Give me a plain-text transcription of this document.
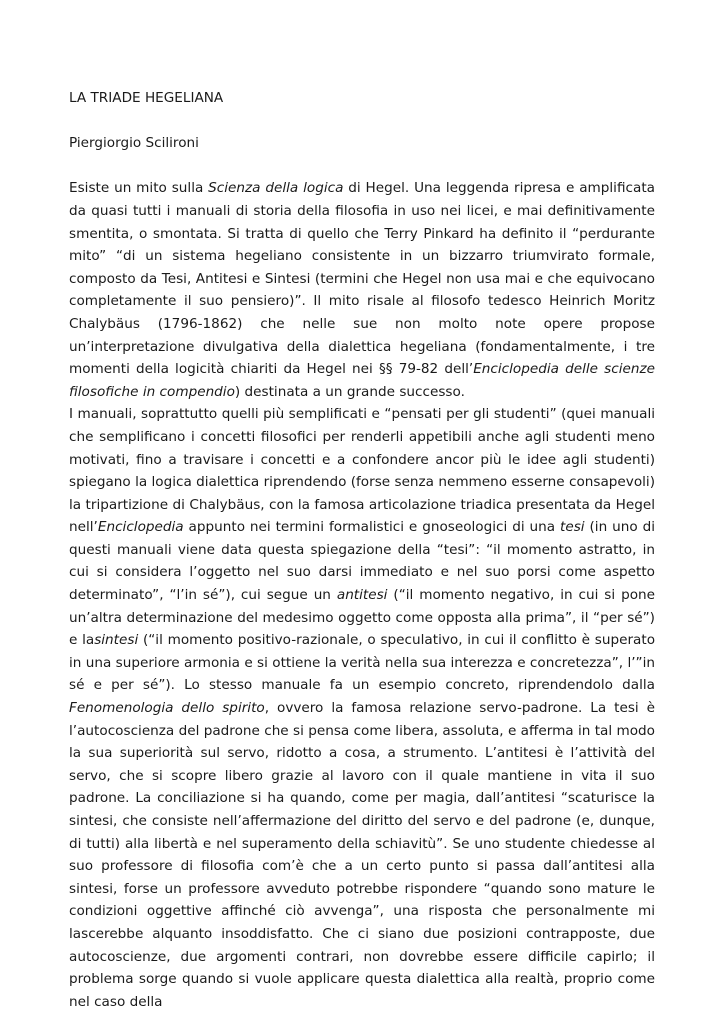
LA TRIADE HEGELIANA

Piergiorgio Scilironi

Esiste un mito sulla Scienza della logica di Hegel. Una leggenda ripresa e amplificata da quasi tutti i manuali di storia della filosofia in uso nei licei, e mai definitivamente smentita, o smontata. Si tratta di quello che Terry Pinkard ha definito il “perdurante mito” “di un sistema hegeliano consistente in un bizzarro triumvirato formale, composto da Tesi, Antitesi e Sintesi (termini che Hegel non usa mai e che equivocano completamente il suo pensiero)”. Il mito risale al filosofo tedesco Heinrich Moritz Chalybäus (1796-1862) che nelle sue non molto note opere propose un’interpretazione divulgativa della dialettica hegeliana (fondamentalmente, i tre momenti della logicità chiariti da Hegel nei §§ 79-82 dell’Enciclopedia delle scienze filosofiche in compendio) destinata a un grande successo.

I manuali, soprattutto quelli più semplificati e “pensati per gli studenti” (quei manuali che semplificano i concetti filosofici per renderli appetibili anche agli studenti meno motivati, fino a travisare i concetti e a confondere ancor più le idee agli studenti) spiegano la logica dialettica riprendendo (forse senza nemmeno esserne consapevoli) la tripartizione di Chalybäus, con la famosa articolazione triadica presentata da Hegel nell’Enciclopedia appunto nei termini formalistici e gnoseologici di una tesi (in uno di questi manuali viene data questa spiegazione della “tesi”: “il momento astratto, in cui si considera l’oggetto nel suo darsi immediato e nel suo porsi come aspetto determinato”, “l’in sé”), cui segue un antitesi (“il momento negativo, in cui si pone un’altra determinazione del medesimo oggetto come opposta alla prima”, il “per sé”) e lasintesi (“il momento positivo-razionale, o speculativo, in cui il conflitto è superato in una superiore armonia e si ottiene la verità nella sua interezza e concretezza”, l’”in sé e per sé”). Lo stesso manuale fa un esempio concreto, riprendendolo dalla Fenomenologia dello spirito, ovvero la famosa relazione servo-padrone. La tesi è l’autocoscienza del padrone che si pensa come libera, assoluta, e afferma in tal modo la sua superiorità sul servo, ridotto a cosa, a strumento. L’antitesi è l’attività del servo, che si scopre libero grazie al lavoro con il quale mantiene in vita il suo padrone. La conciliazione si ha quando, come per magia, dall’antitesi “scaturisce la sintesi, che consiste nell’affermazione del diritto del servo e del padrone (e, dunque, di tutti) alla libertà e nel superamento della schiavitù”. Se uno studente chiedesse al suo professore di filosofia com’è che a un certo punto si passa dall’antitesi alla sintesi, forse un professore avveduto potrebbe rispondere “quando sono mature le condizioni oggettive affinché ciò avvenga”, una risposta che personalmente mi lascerebbe alquanto insoddisfatto. Che ci siano due posizioni contrapposte, due autocoscienze, due argomenti contrari, non dovrebbe essere difficile capirlo; il problema sorge quando si vuole applicare questa dialettica alla realtà, proprio come nel caso della
